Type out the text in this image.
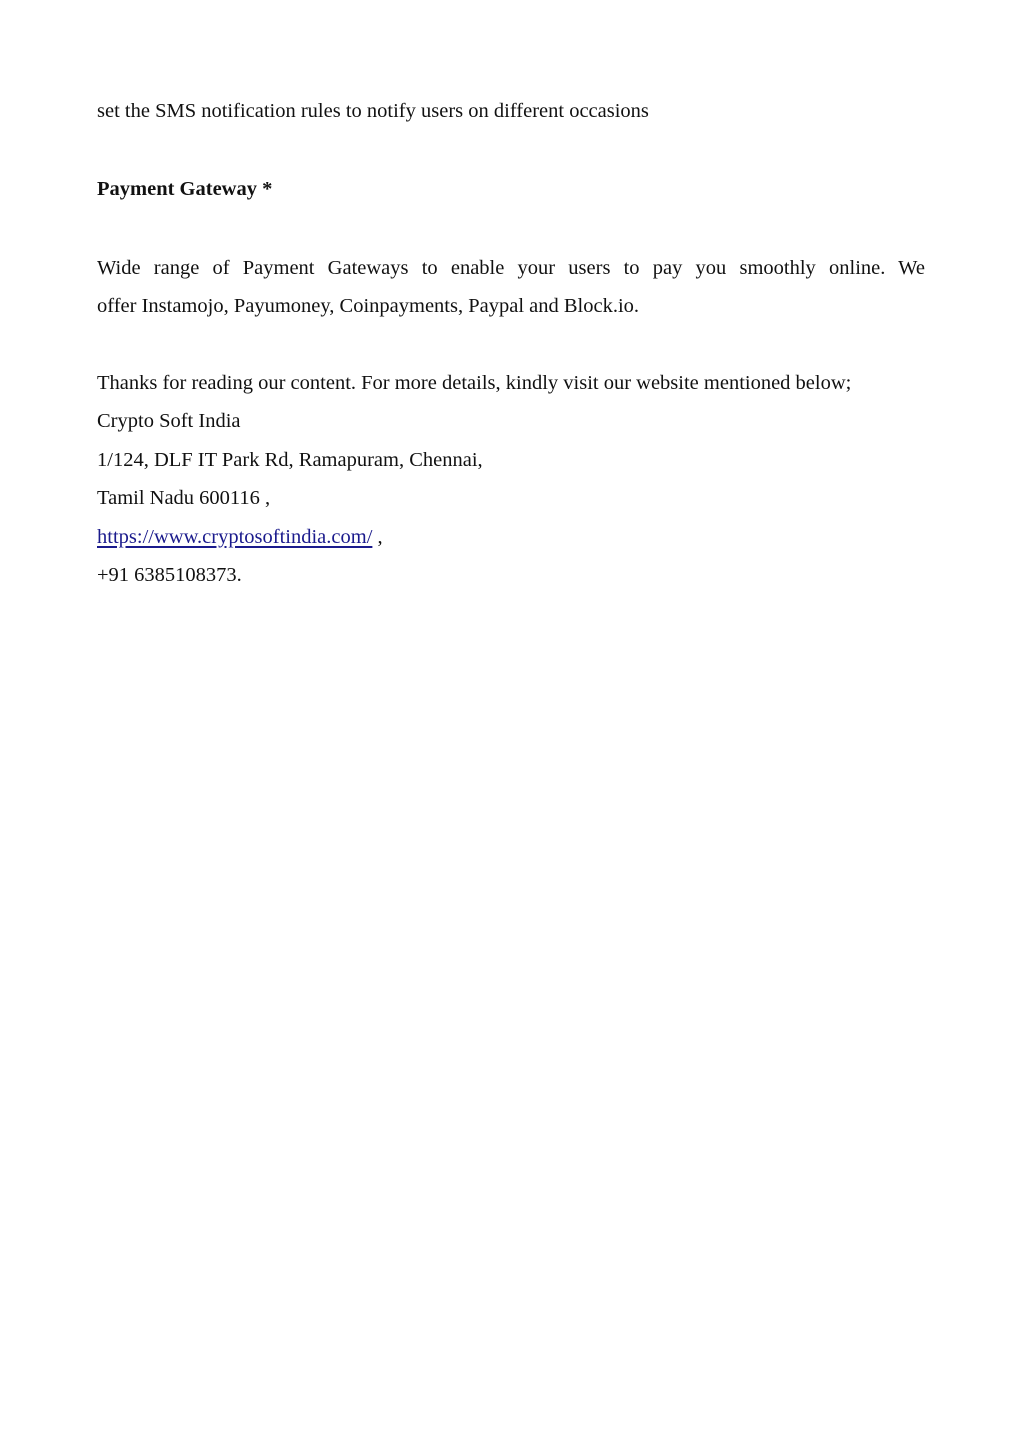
set the SMS notification rules to notify users on different occasions
Payment Gateway *
Wide range of Payment Gateways to enable your users to pay you smoothly online. We
offer Instamojo, Payumoney, Coinpayments, Paypal and Block.io.
Thanks for reading our content. For more details, kindly visit our website mentioned below;
Crypto Soft India
1/124, DLF IT Park Rd, Ramapuram, Chennai,
Tamil Nadu 600116 ,
https://www.cryptosoftindia.com/ ,
+91 6385108373.
